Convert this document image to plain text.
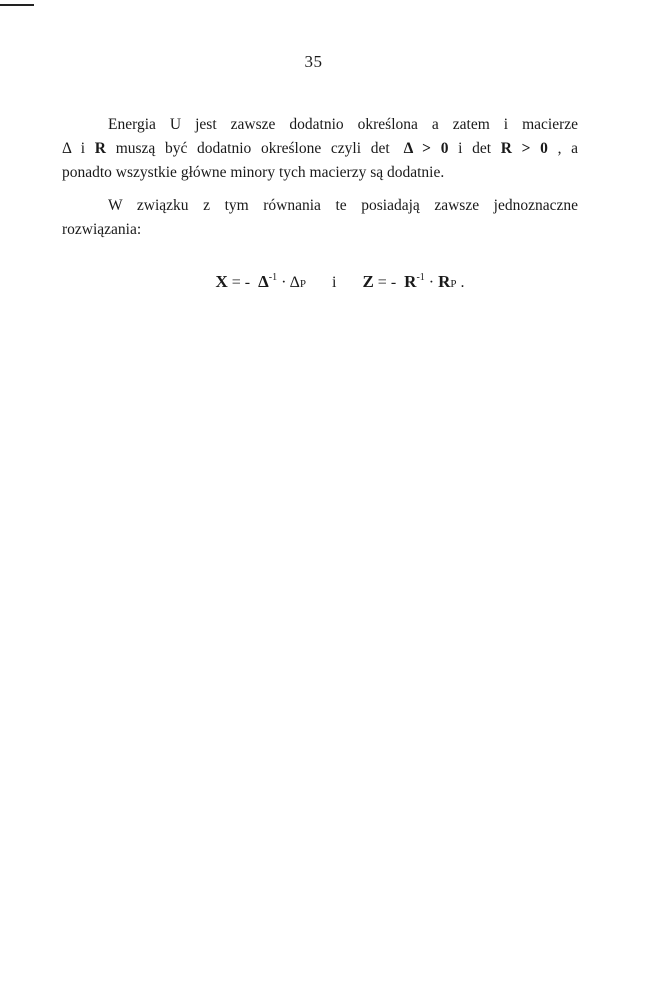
35
Energia U jest zawsze dodatnio określona a zatem i macierze
Δ i R muszą być dodatnio określone czyli det Δ > 0 i det R > 0 , a
ponadto wszystkie główne minory tych macierzy są dodatnie.
W związku z tym równania te posiadają zawsze jednoznaczne
rozwiązania:
X = - $\Delta^{-1} \cdot \Delta P$ i Z = - $R^{-1}$ · RP .
